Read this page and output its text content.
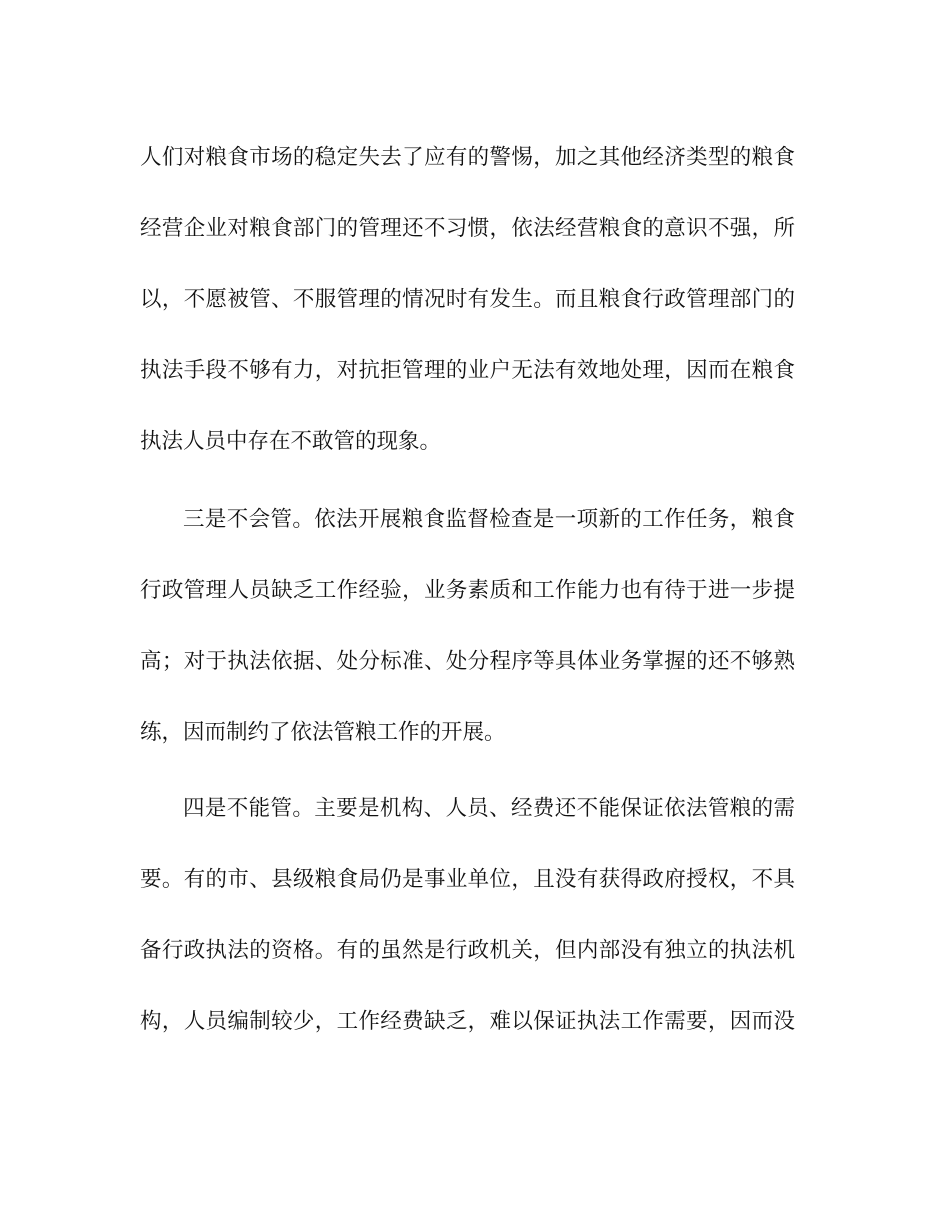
人们对粮食市场的稳定失去了应有的警惕，加之其他经济类型的粮食
经营企业对粮食部门的管理还不习惯，依法经营粮食的意识不强，所
以，不愿被管、不服管理的情况时有发生。而且粮食行政管理部门的
执法手段不够有力，对抗拒管理的业户无法有效地处理，因而在粮食
执法人员中存在不敢管的现象。
三是不会管。依法开展粮食监督检查是一项新的工作任务，粮食
行政管理人员缺乏工作经验，业务素质和工作能力也有待于进一步提
高；对于执法依据、处分标准、处分程序等具体业务掌握的还不够熟
练，因而制约了依法管粮工作的开展。
四是不能管。主要是机构、人员、经费还不能保证依法管粮的需
要。有的市、县级粮食局仍是事业单位，且没有获得政府授权，不具
备行政执法的资格。有的虽然是行政机关，但内部没有独立的执法机
构，人员编制较少，工作经费缺乏，难以保证执法工作需要，因而没
